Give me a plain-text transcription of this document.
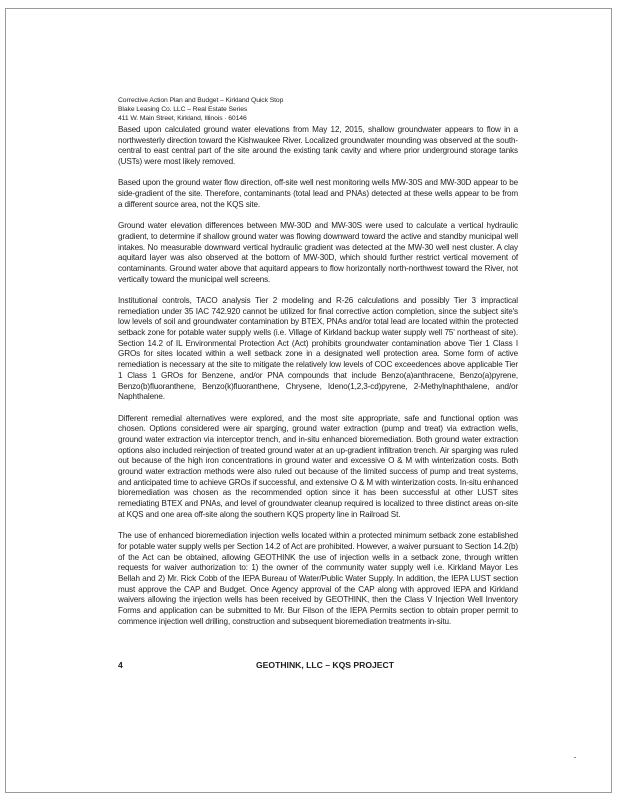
Corrective Action Plan and Budget – Kirkland Quick Stop
Blake Leasing Co. LLC – Real Estate Series
411 W. Main Street, Kirkland, Illinois · 60146

Based upon calculated ground water elevations from May 12, 2015, shallow groundwater appears to flow in a northwesterly direction toward the Kishwaukee River. Localized groundwater mounding was observed at the south-central to east central part of the site around the existing tank cavity and where prior underground storage tanks (USTs) were most likely removed.

Based upon the ground water flow direction, off-site well nest monitoring wells MW-30S and MW-30D appear to be side-gradient of the site. Therefore, contaminants (total lead and PNAs) detected at these wells appear to be from a different source area, not the KQS site.

Ground water elevation differences between MW-30D and MW-30S were used to calculate a vertical hydraulic gradient, to determine if shallow ground water was flowing downward toward the active and standby municipal well intakes. No measurable downward vertical hydraulic gradient was detected at the MW-30 well nest cluster. A clay aquitard layer was also observed at the bottom of MW-30D, which should further restrict vertical movement of contaminants. Ground water above that aquitard appears to flow horizontally north-northwest toward the River, not vertically toward the municipal well screens.

Institutional controls, TACO analysis Tier 2 modeling and R-26 calculations and possibly Tier 3 impractical remediation under 35 IAC 742.920 cannot be utilized for final corrective action completion, since the subject site's low levels of soil and groundwater contamination by BTEX, PNAs and/or total lead are located within the protected setback zone for potable water supply wells (i.e. Village of Kirkland backup water supply well 75' northeast of site). Section 14.2 of IL Environmental Protection Act (Act) prohibits groundwater contamination above Tier 1 Class I GROs for sites located within a well setback zone in a designated well protection area. Some form of active remediation is necessary at the site to mitigate the relatively low levels of COC exceedences above applicable Tier 1 Class 1 GROs for Benzene, and/or PNA compounds that include Benzo(a)anthracene, Benzo(a)pyrene, Benzo(b)fluoranthene, Benzo(k)fluoranthene, Chrysene, Ideno(1,2,3-cd)pyrene, 2-Methylnaphthalene, and/or Naphthalene.

Different remedial alternatives were explored, and the most site appropriate, safe and functional option was chosen. Options considered were air sparging, ground water extraction (pump and treat) via extraction wells, ground water extraction via interceptor trench, and in-situ enhanced bioremediation. Both ground water extraction options also included reinjection of treated ground water at an up-gradient infiltration trench. Air sparging was ruled out because of the high iron concentrations in ground water and excessive O & M with winterization costs. Both ground water extraction methods were also ruled out because of the limited success of pump and treat systems, and anticipated time to achieve GROs if successful, and extensive O & M with winterization costs. In-situ enhanced bioremediation was chosen as the recommended option since it has been successful at other LUST sites remediating BTEX and PNAs, and level of groundwater cleanup required is localized to three distinct areas on-site at KQS and one area off-site along the southern KQS property line in Railroad St.

The use of enhanced bioremediation injection wells located within a protected minimum setback zone established for potable water supply wells per Section 14.2 of Act are prohibited. However, a waiver pursuant to Section 14.2(b) of the Act can be obtained, allowing GEOTHINK the use of injection wells in a setback zone, through written requests for waiver authorization to: 1) the owner of the community water supply well i.e. Kirkland Mayor Les Bellah and 2) Mr. Rick Cobb of the IEPA Bureau of Water/Public Water Supply. In addition, the IEPA LUST section must approve the CAP and Budget. Once Agency approval of the CAP along with approved IEPA and Kirkland waivers allowing the injection wells has been received by GEOTHINK, then the Class V Injection Well Inventory Forms and application can be submitted to Mr. Bur Filson of the IEPA Permits section to obtain proper permit to commence injection well drilling, construction and subsequent bioremediation treatments in-situ.

4	GEOTHINK, LLC – KQS PROJECT
